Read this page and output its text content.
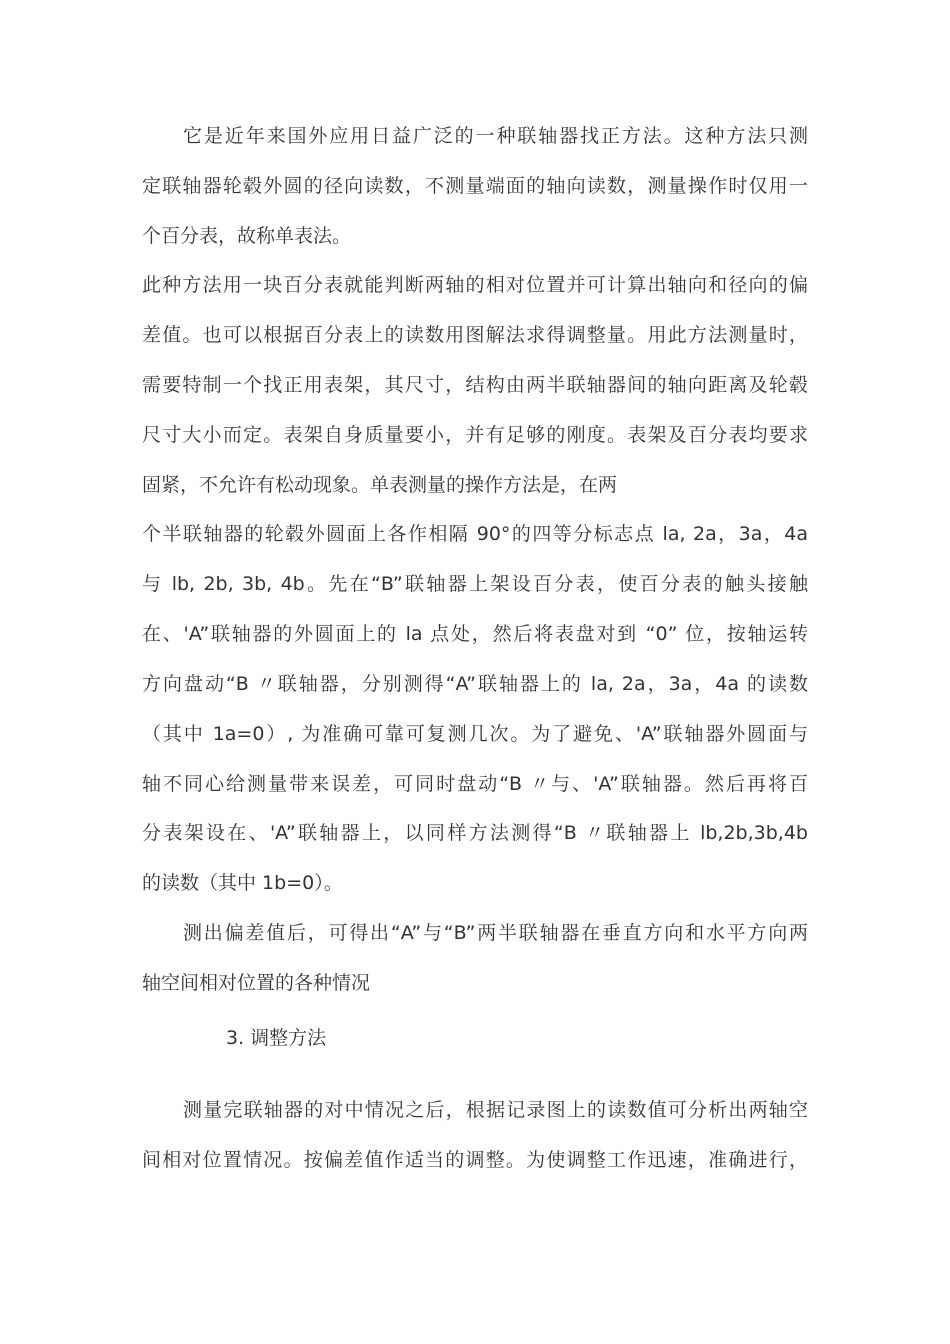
它是近年来国外应用日益广泛的一种联轴器找正方法。这种方法只测

定联轴器轮毂外圆的径向读数，不测量端面的轴向读数，测量操作时仅用一

个百分表，故称单表法。

此种方法用一块百分表就能判断两轴的相对位置并可计算出轴向和径向的偏

差值。也可以根据百分表上的读数用图解法求得调整量。用此方法测量时，

需要特制一个找正用表架，其尺寸，结构由两半联轴器间的轴向距离及轮毂

尺寸大小而定。表架自身质量要小，并有足够的刚度。表架及百分表均要求

固紧，不允许有松动现象。单表测量的操作方法是，在两

个半联轴器的轮毂外圆面上各作相隔 90°的四等分标志点 la, 2a，3a，4a

与 lb, 2b, 3b, 4b。先在“B”联轴器上架设百分表，使百分表的触头接触

在、'A”联轴器的外圆面上的 la 点处，然后将表盘对到 “0” 位，按轴运转

方向盘动“B 〃联轴器，分别测得“A”联轴器上的 la, 2a，3a，4a 的读数

（其中 1a=0）, 为准确可靠可复测几次。为了避免、'A”联轴器外圆面与

轴不同心给测量带来误差，可同时盘动“B 〃与、'A”联轴器。然后再将百

分表架设在、'A”联轴器上，以同样方法测得“B 〃联轴器上 lb,2b,3b,4b

的读数（其中 1b=0）。

测出偏差值后，可得出“A”与“B”两半联轴器在垂直方向和水平方向两

轴空间相对位置的各种情况

3. 调整方法

测量完联轴器的对中情况之后，根据记录图上的读数值可分析出两轴空

间相对位置情况。按偏差值作适当的调整。为使调整工作迅速，准确进行，
